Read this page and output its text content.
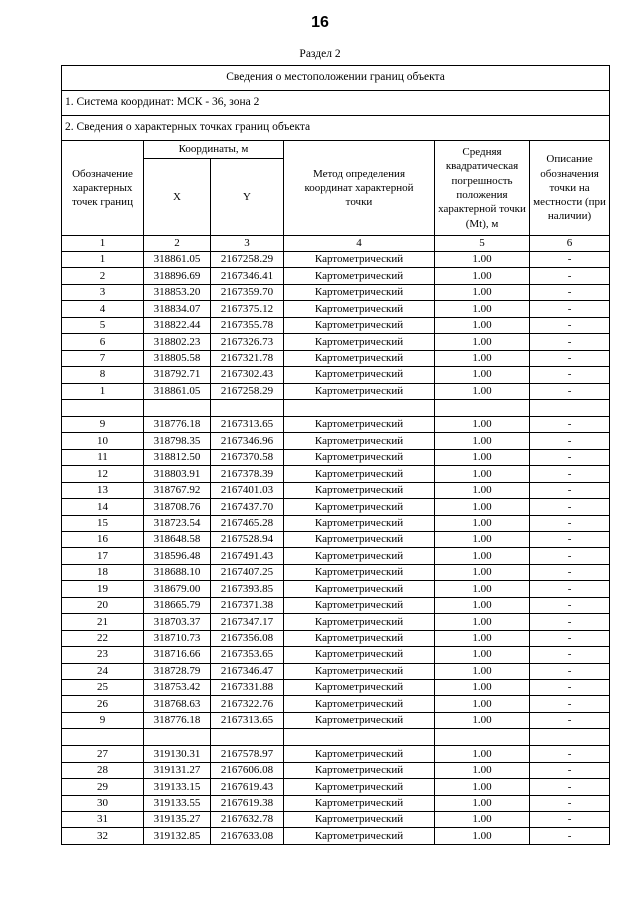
16
Раздел 2
Сведения о местоположении границ объекта					
1. Система координат: МСК - 36, зона 2					
2. Сведения о характерных точках границ объекта					
Обозначение характерных точек границ	Координаты, м		Метод определения координат характерной точки	Средняя квадратическая погрешность положения характерной точки (Mt), м	Описание обозначения точки на местности (при наличии)
	X	Y			
1	2	3	4	5	6
1	318861.05	2167258.29	Картометрический	1.00	-
2	318896.69	2167346.41	Картометрический	1.00	-
3	318853.20	2167359.70	Картометрический	1.00	-
4	318834.07	2167375.12	Картометрический	1.00	-
5	318822.44	2167355.78	Картометрический	1.00	-
6	318802.23	2167326.73	Картометрический	1.00	-
7	318805.58	2167321.78	Картометрический	1.00	-
8	318792.71	2167302.43	Картометрический	1.00	-
1	318861.05	2167258.29	Картометрический	1.00	-

9	318776.18	2167313.65	Картометрический	1.00	-
10	318798.35	2167346.96	Картометрический	1.00	-
11	318812.50	2167370.58	Картометрический	1.00	-
12	318803.91	2167378.39	Картометрический	1.00	-
13	318767.92	2167401.03	Картометрический	1.00	-
14	318708.76	2167437.70	Картометрический	1.00	-
15	318723.54	2167465.28	Картометрический	1.00	-
16	318648.58	2167528.94	Картометрический	1.00	-
17	318596.48	2167491.43	Картометрический	1.00	-
18	318688.10	2167407.25	Картометрический	1.00	-
19	318679.00	2167393.85	Картометрический	1.00	-
20	318665.79	2167371.38	Картометрический	1.00	-
21	318703.37	2167347.17	Картометрический	1.00	-
22	318710.73	2167356.08	Картометрический	1.00	-
23	318716.66	2167353.65	Картометрический	1.00	-
24	318728.79	2167346.47	Картометрический	1.00	-
25	318753.42	2167331.88	Картометрический	1.00	-
26	318768.63	2167322.76	Картометрический	1.00	-
9	318776.18	2167313.65	Картометрический	1.00	-

27	319130.31	2167578.97	Картометрический	1.00	-
28	319131.27	2167606.08	Картометрический	1.00	-
29	319133.15	2167619.43	Картометрический	1.00	-
30	319133.55	2167619.38	Картометрический	1.00	-
31	319135.27	2167632.78	Картометрический	1.00	-
32	319132.85	2167633.08	Картометрический	1.00	-
